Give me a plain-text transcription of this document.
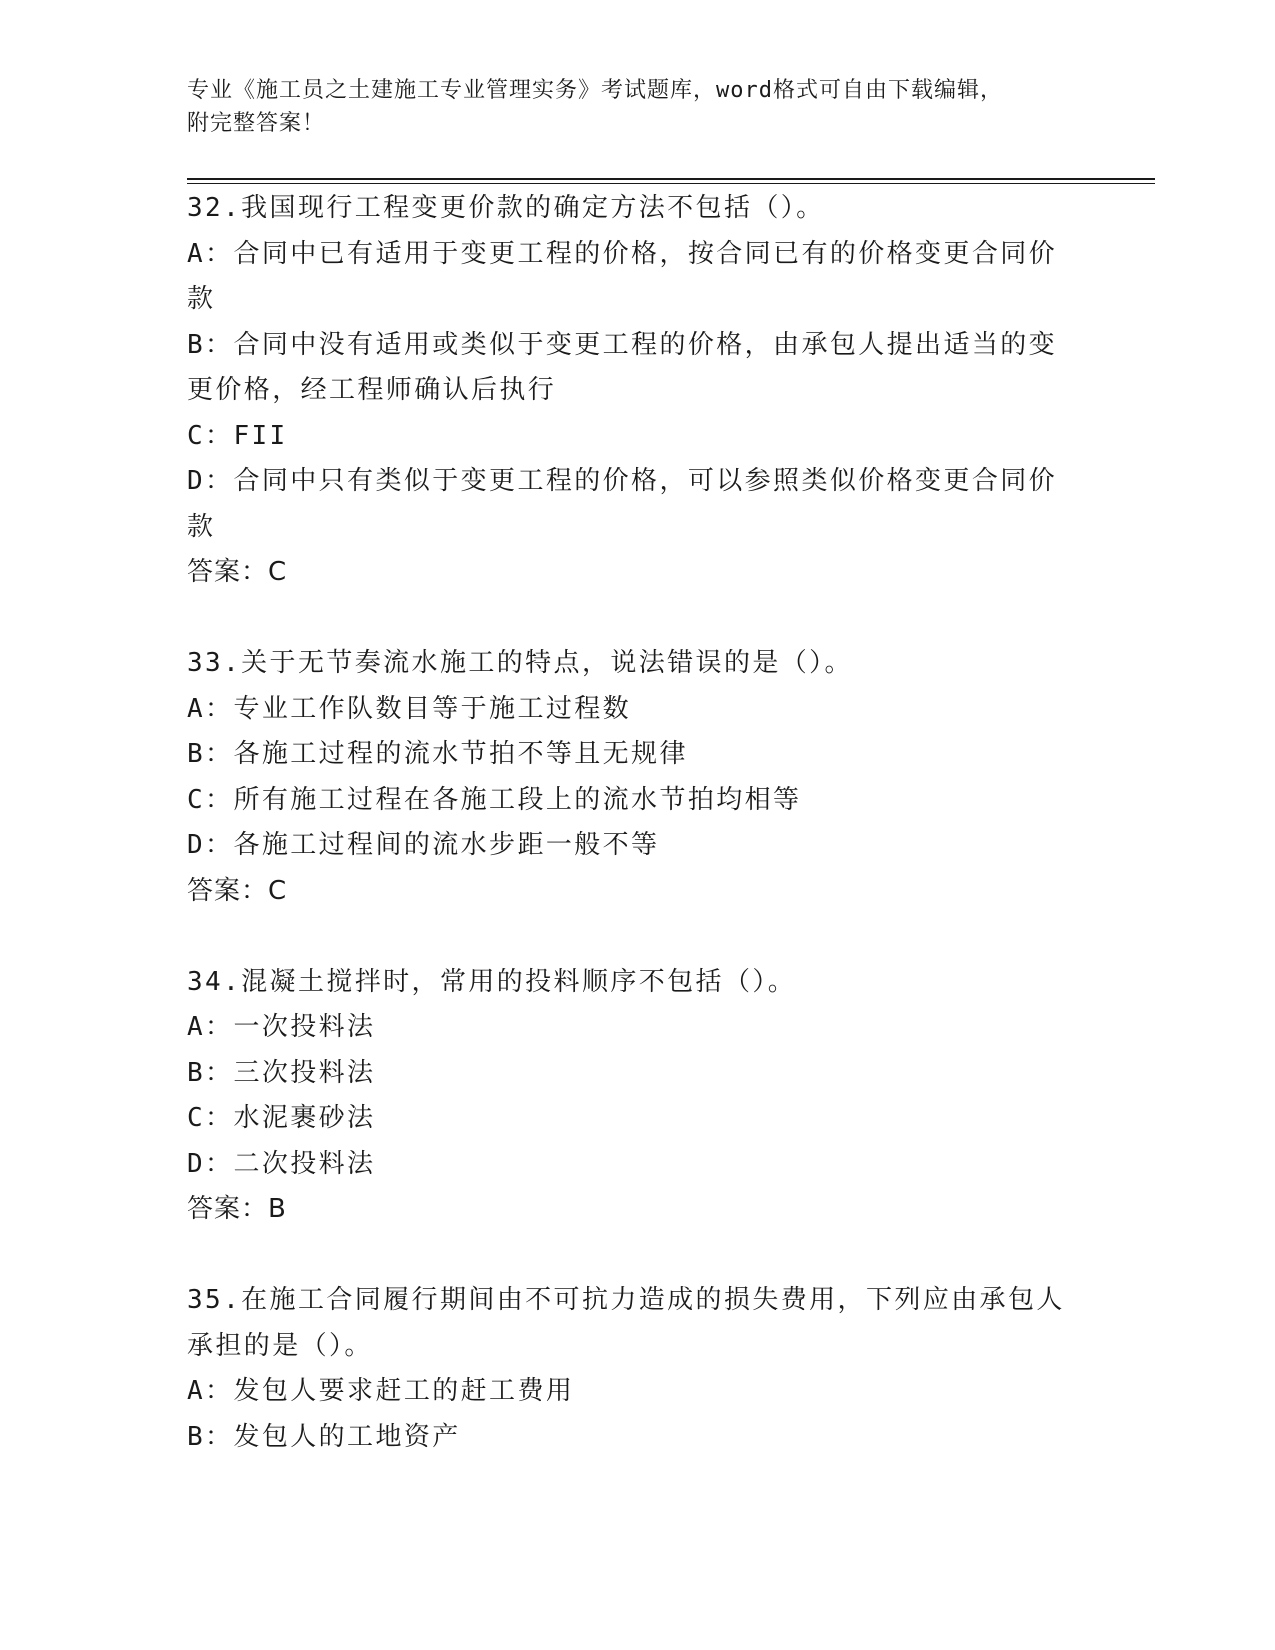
专业《施工员之土建施工专业管理实务》考试题库，word格式可自由下载编辑，

附完整答案！

32.我国现行工程变更价款的确定方法不包括（）。

A：合同中已有适用于变更工程的价格，按合同已有的价格变更合同价款

B：合同中没有适用或类似于变更工程的价格，由承包人提出适当的变更价格，经工程师确认后执行

C：FII

D：合同中只有类似于变更工程的价格，可以参照类似价格变更合同价款

答案：C

33.关于无节奏流水施工的特点，说法错误的是（）。

A：专业工作队数目等于施工过程数

B：各施工过程的流水节拍不等且无规律

C：所有施工过程在各施工段上的流水节拍均相等

D：各施工过程间的流水步距一般不等

答案：C

34.混凝土搅拌时，常用的投料顺序不包括（）。

A：一次投料法

B：三次投料法

C：水泥裹砂法

D：二次投料法

答案：B

35.在施工合同履行期间由不可抗力造成的损失费用，下列应由承包人承担的是（）。

A：发包人要求赶工的赶工费用

B：发包人的工地资产
